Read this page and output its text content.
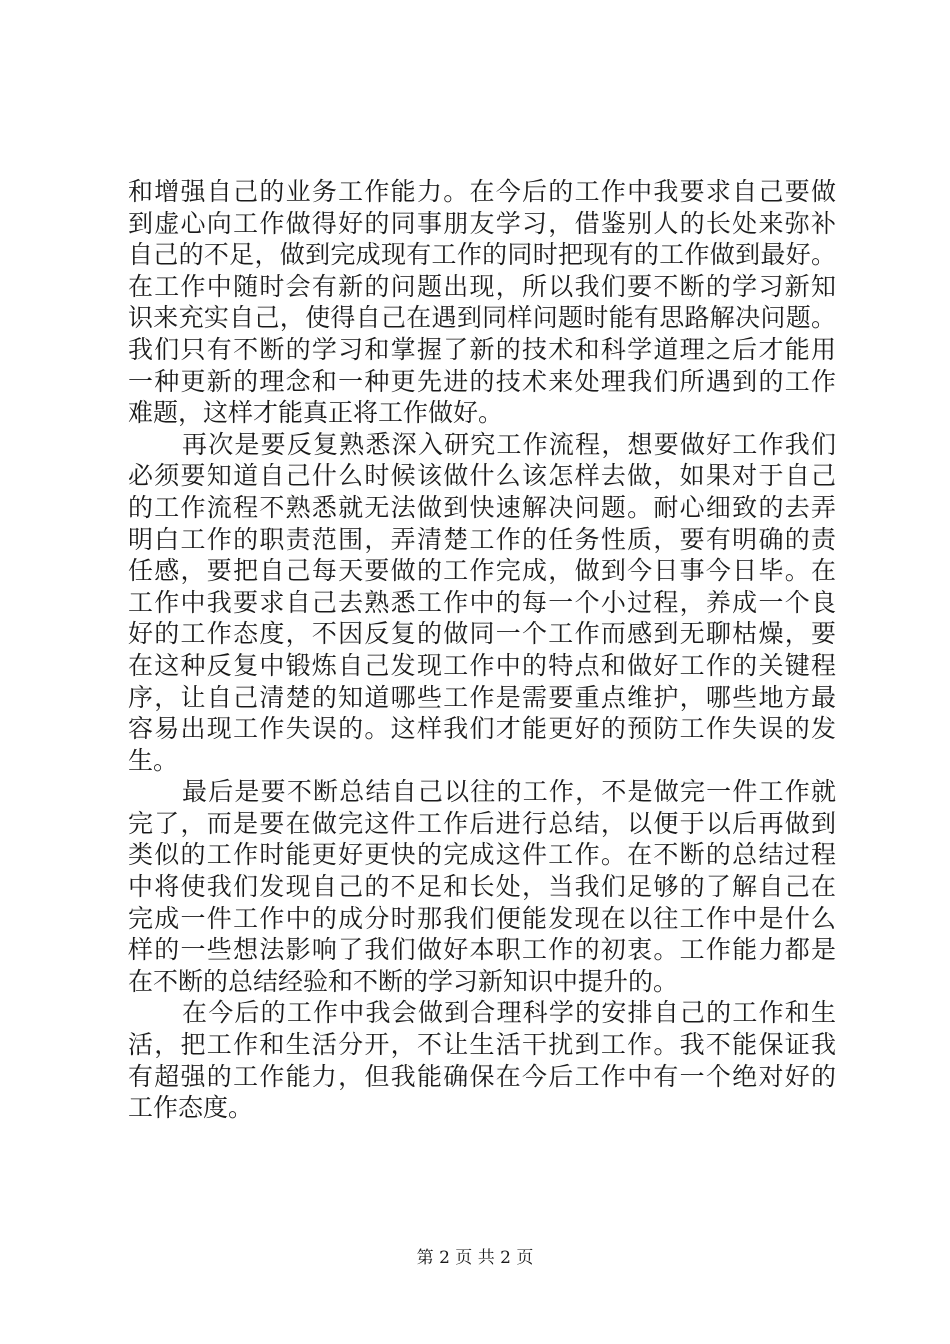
和增强自己的业务工作能力。在今后的工作中我要求自己要做
到虚心向工作做得好的同事朋友学习，借鉴别人的长处来弥补
自己的不足，做到完成现有工作的同时把现有的工作做到最好。
在工作中随时会有新的问题出现，所以我们要不断的学习新知
识来充实自己，使得自己在遇到同样问题时能有思路解决问题。
我们只有不断的学习和掌握了新的技术和科学道理之后才能用
一种更新的理念和一种更先进的技术来处理我们所遇到的工作
难题，这样才能真正将工作做好。
再次是要反复熟悉深入研究工作流程，想要做好工作我们
必须要知道自己什么时候该做什么该怎样去做，如果对于自己
的工作流程不熟悉就无法做到快速解决问题。耐心细致的去弄
明白工作的职责范围，弄清楚工作的任务性质，要有明确的责
任感，要把自己每天要做的工作完成，做到今日事今日毕。在
工作中我要求自己去熟悉工作中的每一个小过程，养成一个良
好的工作态度，不因反复的做同一个工作而感到无聊枯燥，要
在这种反复中锻炼自己发现工作中的特点和做好工作的关键程
序，让自己清楚的知道哪些工作是需要重点维护，哪些地方最
容易出现工作失误的。这样我们才能更好的预防工作失误的发
生。
最后是要不断总结自己以往的工作，不是做完一件工作就
完了，而是要在做完这件工作后进行总结，以便于以后再做到
类似的工作时能更好更快的完成这件工作。在不断的总结过程
中将使我们发现自己的不足和长处，当我们足够的了解自己在
完成一件工作中的成分时那我们便能发现在以往工作中是什么
样的一些想法影响了我们做好本职工作的初衷。工作能力都是
在不断的总结经验和不断的学习新知识中提升的。
在今后的工作中我会做到合理科学的安排自己的工作和生
活，把工作和生活分开，不让生活干扰到工作。我不能保证我
有超强的工作能力，但我能确保在今后工作中有一个绝对好的
工作态度。
第 2 页 共 2 页
